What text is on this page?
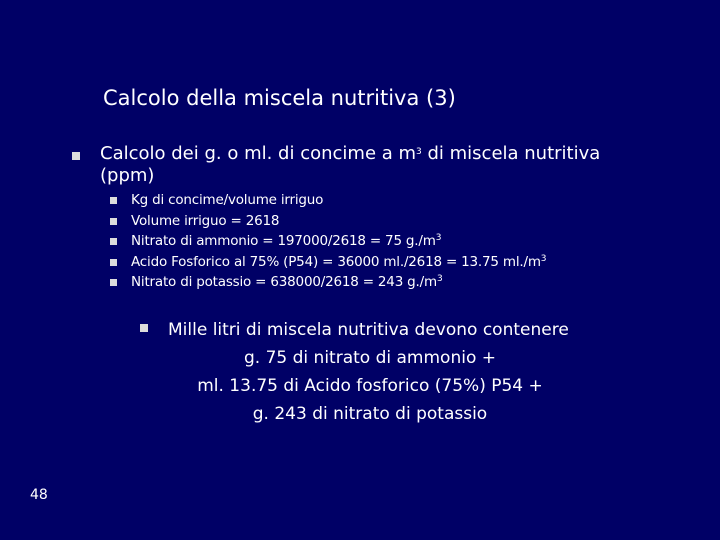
Calcolo della miscela nutritiva (3)
Calcolo dei g. o ml. di concime a $m^3$ di miscela nutritiva
(ppm)
Kg di concime/volume irriguo
Volume irriguo = 2618
Nitrato di ammonio = 197000/2618 = 75 $g./m^3$
Acido Fosforico al 75% (P54) = 36000 ml./2618 = 13.75 $ml./m^3$
Nitrato di potassio = 638000/2618 = 243 $g./m^3$
Mille litri di miscela nutritiva devono contenere
g. 75 di nitrato di ammonio +
ml. 13.75 di Acido fosforico (75%) P54 +
g. 243 di nitrato di potassio
48
